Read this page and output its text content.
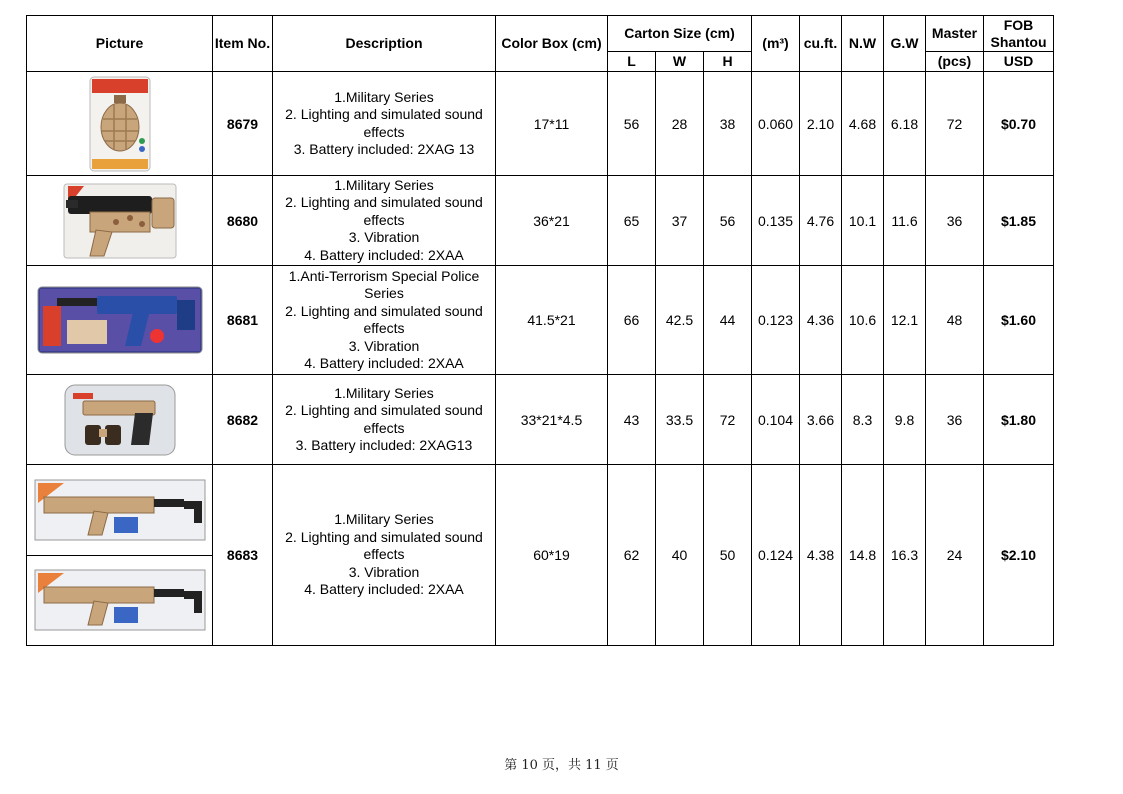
Picture	Item No.	Description	Color Box (cm)	Carton Size (cm)			(m³)	cu.ft.	N.W	G.W	Master	FOB Shantou
				L	W	H					(pcs)	USD

	8679	1.Military Series
2. Lighting and simulated sound effects
3. Battery included: 2XAG 13	17*11	56	28	38	0.060	2.10	4.68	6.18	72	$0.70

	8680	1.Military Series
2. Lighting and simulated sound effects
3. Vibration
4. Battery included: 2XAA	36*21	65	37	56	0.135	4.76	10.1	11.6	36	$1.85

	8681	1.Anti-Terrorism Special Police Series
2. Lighting and simulated sound effects
3. Vibration
4. Battery included: 2XAA	41.5*21	66	42.5	44	0.123	4.36	10.6	12.1	48	$1.60

	8682	1.Military Series
2. Lighting and simulated sound effects
3. Battery included: 2XAG13	33*21*4.5	43	33.5	72	0.104	3.66	8.3	9.8	36	$1.80

	8683	1.Military Series
2. Lighting and simulated sound effects
3. Vibration
4. Battery included: 2XAA	60*19	62	40	50	0.124	4.38	14.8	16.3	24	$2.10
第 10 页，共 11 页
